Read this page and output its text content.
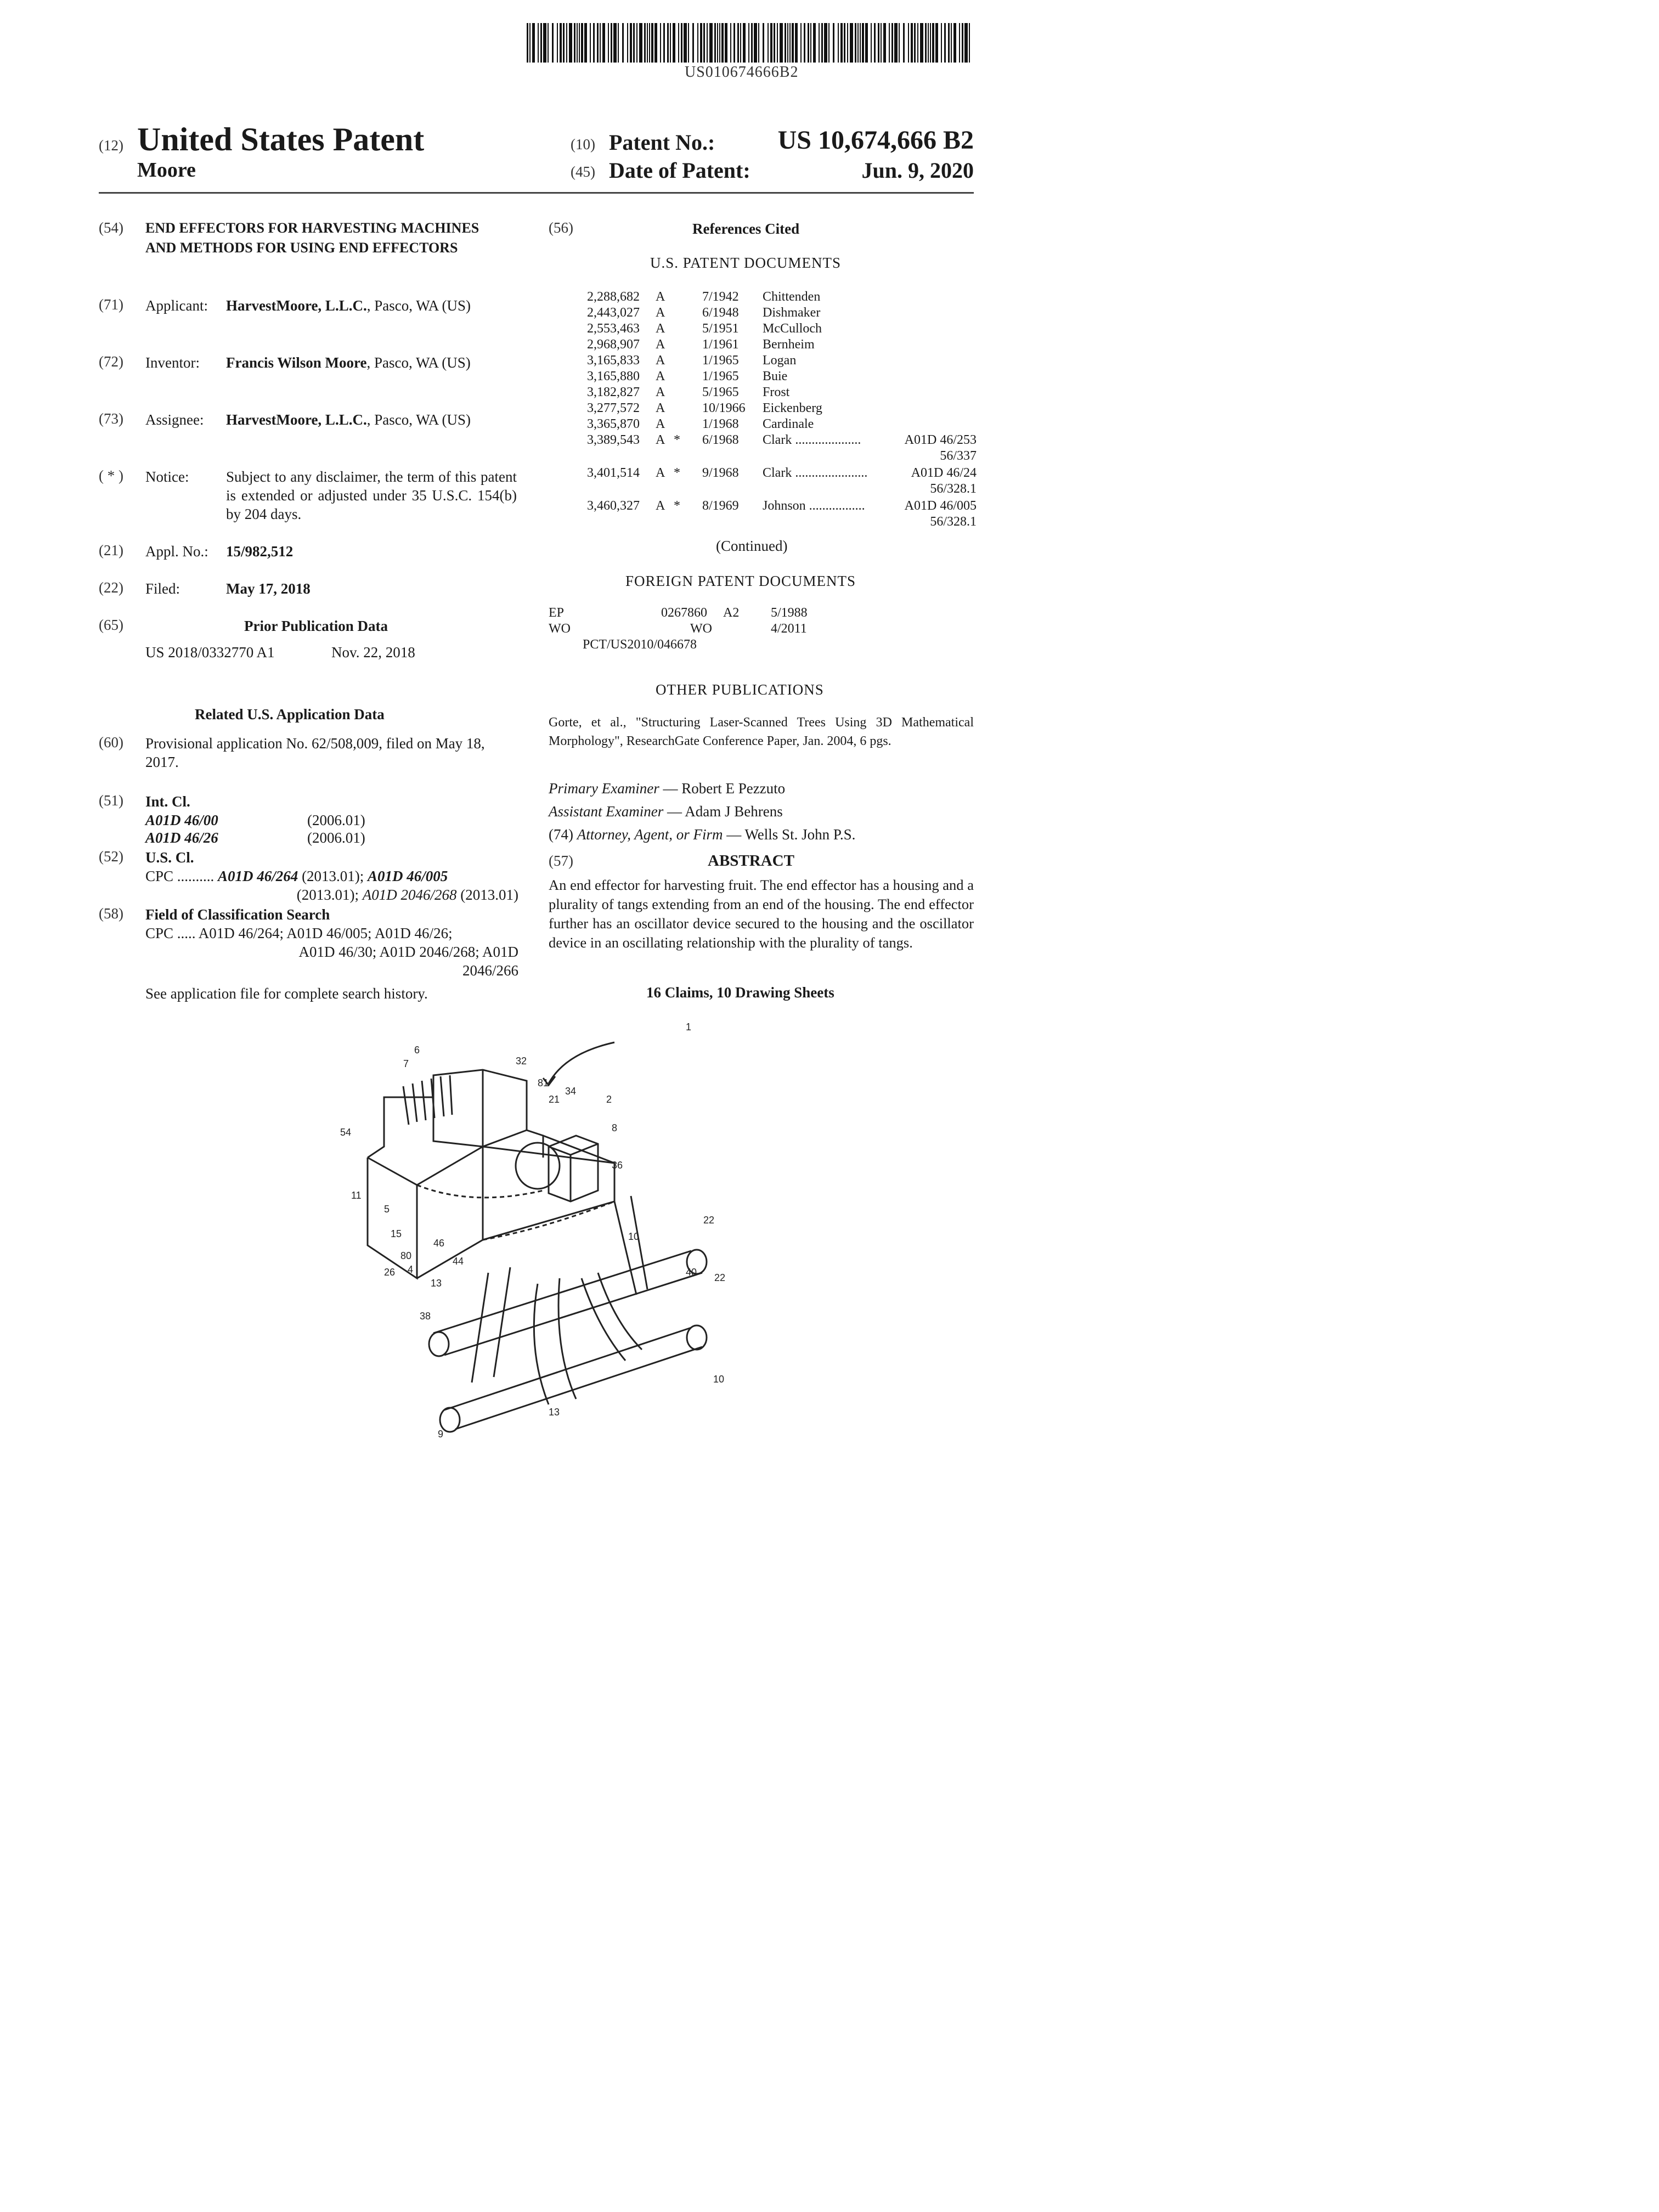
US010674666B2
(12) United States Patent
Moore
(10) Patent No.:	US 10,674,666 B2
(45) Date of Patent:	Jun. 9, 2020
(54) END EFFECTORS FOR HARVESTING MACHINES AND METHODS FOR USING END EFFECTORS
(71) Applicant: HarvestMoore, L.L.C., Pasco, WA (US)
(72) Inventor: Francis Wilson Moore, Pasco, WA (US)
(73) Assignee: HarvestMoore, L.L.C., Pasco, WA (US)
( * ) Notice:	Subject to any disclaimer, the term of this patent is extended or adjusted under 35 U.S.C. 154(b) by 204 days.
(21) Appl. No.: 15/982,512
(22) Filed:	May 17, 2018
(65)	Prior Publication Data
US 2018/0332770 A1	Nov. 22, 2018
Related U.S. Application Data
(60) Provisional application No. 62/508,009, filed on May 18, 2017.
(51) Int. Cl.
A01D 46/00	(2006.01)
A01D 46/26	(2006.01)
(52) U.S. Cl.
CPC .......... A01D 46/264 (2013.01); A01D 46/005
(2013.01); A01D 2046/268 (2013.01)
(58) Field of Classification Search
CPC ..... A01D 46/264; A01D 46/005; A01D 46/26;
A01D 46/30; A01D 2046/268; A01D
2046/266
See application file for complete search history.
(56)	References Cited
U.S. PATENT DOCUMENTS
2,288,682 A	7/1942 Chittenden
2,443,027 A	6/1948 Dishmaker
2,553,463 A	5/1951 McCulloch
2,968,907 A	1/1961 Bernheim
3,165,833 A	1/1965 Logan
3,165,880 A	1/1965 Buie
3,182,827 A	5/1965 Frost
3,277,572 A	10/1966 Eickenberg
3,365,870 A	1/1968 Cardinale
3,389,543 A * 6/1968 Clark ....................	A01D 46/253
56/337
3,401,514 A * 9/1968 Clark ......................	A01D 46/24
56/328.1
3,460,327 A * 8/1969 Johnson .................	A01D 46/005
56/328.1
(Continued)
FOREIGN PATENT DOCUMENTS
EP	0267860 A2 5/1988
WO	WO	4/2011
PCT/US2010/046678
OTHER PUBLICATIONS
Gorte, et al., "Structuring Laser-Scanned Trees Using 3D Mathematical Morphology", ResearchGate Conference Paper, Jan. 2004, 6 pgs.
Primary Examiner — Robert E Pezzuto
Assistant Examiner — Adam J Behrens
(74) Attorney, Agent, or Firm — Wells St. John P.S.
(57)	ABSTRACT
An end effector for harvesting fruit. The end effector has a housing and a plurality of tangs extending from an end of the housing. The end effector further has an oscillator device secured to the housing and the oscillator device in an oscillating relationship with the plurality of tangs.
16 Claims, 10 Drawing Sheets
1
6
7	32
81
34
21	2
8
54
11
5
15
80
36
10
22
46
44
26 4
13
38
40 22
9
13
10
